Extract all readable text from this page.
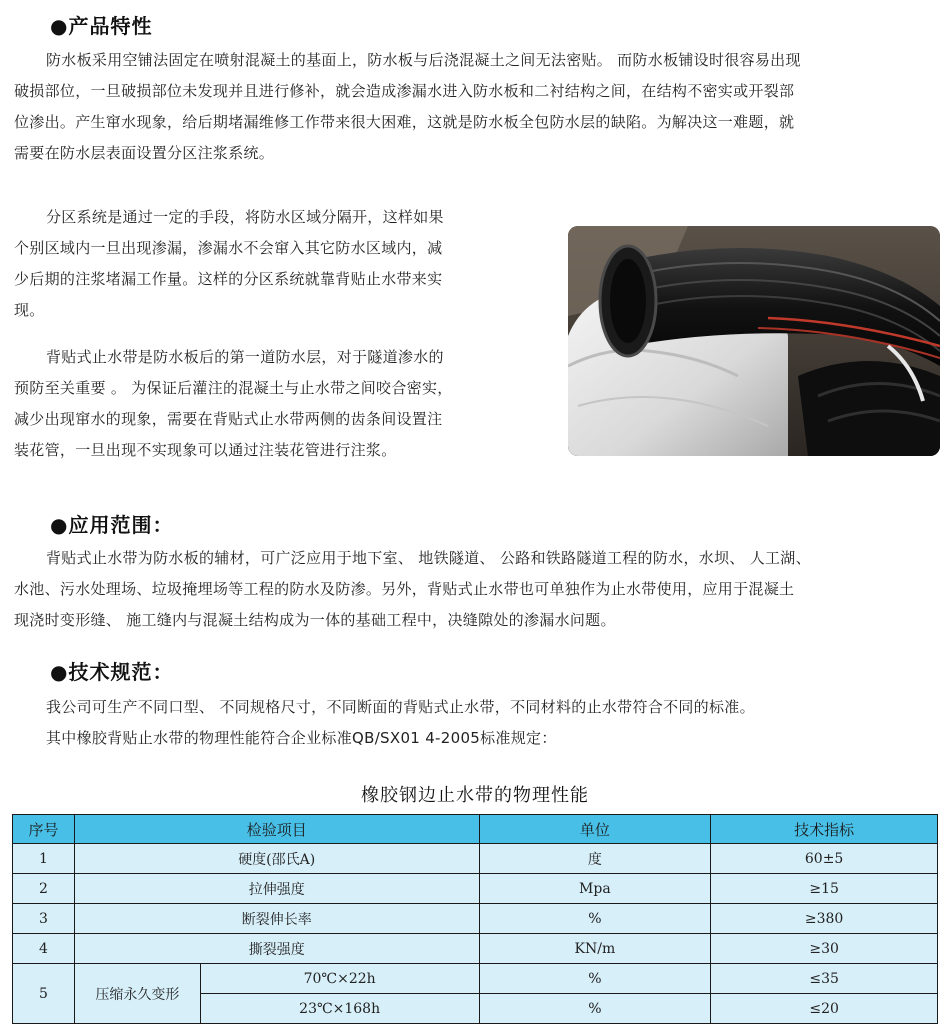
●产品特性
防水板采用空铺法固定在喷射混凝土的基面上，防水板与后浇混凝土之间无法密贴。 而防水板铺设时很容易出现
破损部位，一旦破损部位未发现并且进行修补，就会造成渗漏水进入防水板和二衬结构之间，在结构不密实或开裂部
位渗出。产生窜水现象，给后期堵漏维修工作带来很大困难，这就是防水板全包防水层的缺陷。为解决这一难题，就
需要在防水层表面设置分区注浆系统。
分区系统是通过一定的手段，将防水区域分隔开，这样如果
个别区域内一旦出现渗漏，渗漏水不会窜入其它防水区域内，减
少后期的注浆堵漏工作量。这样的分区系统就靠背贴止水带来实
现。
背贴式止水带是防水板后的第一道防水层，对于隧道渗水的
预防至关重要 。 为保证后灌注的混凝土与止水带之间咬合密实，
减少出现窜水的现象，需要在背贴式止水带两侧的齿条间设置注
装花管，一旦出现不实现象可以通过注装花管进行注浆。
●应用范围：
背贴式止水带为防水板的辅材，可广泛应用于地下室、 地铁隧道、 公路和铁路隧道工程的防水，水坝、 人工湖、
水池、污水处理场、垃圾掩埋场等工程的防水及防渗。另外，背贴式止水带也可单独作为止水带使用，应用于混凝土
现浇时变形缝、 施工缝内与混凝土结构成为一体的基础工程中，决缝隙处的渗漏水问题。
●技术规范：
我公司可生产不同口型、 不同规格尺寸，不同断面的背贴式止水带，不同材料的止水带符合不同的标准。
其中橡胶背贴止水带的物理性能符合企业标准QB/SX01 4-2005标准规定：
橡胶钢边止水带的物理性能
序号	检验项目		单位	技术指标
1	硬度(邵氏A)		度	60±5
2	拉伸强度		Mpa	≥15
3	断裂伸长率		%	≥380
4	撕裂强度		KN/m	≥30
5	压缩永久变形	70℃×22h	%	≤35
		23℃×168h	%	≤20
